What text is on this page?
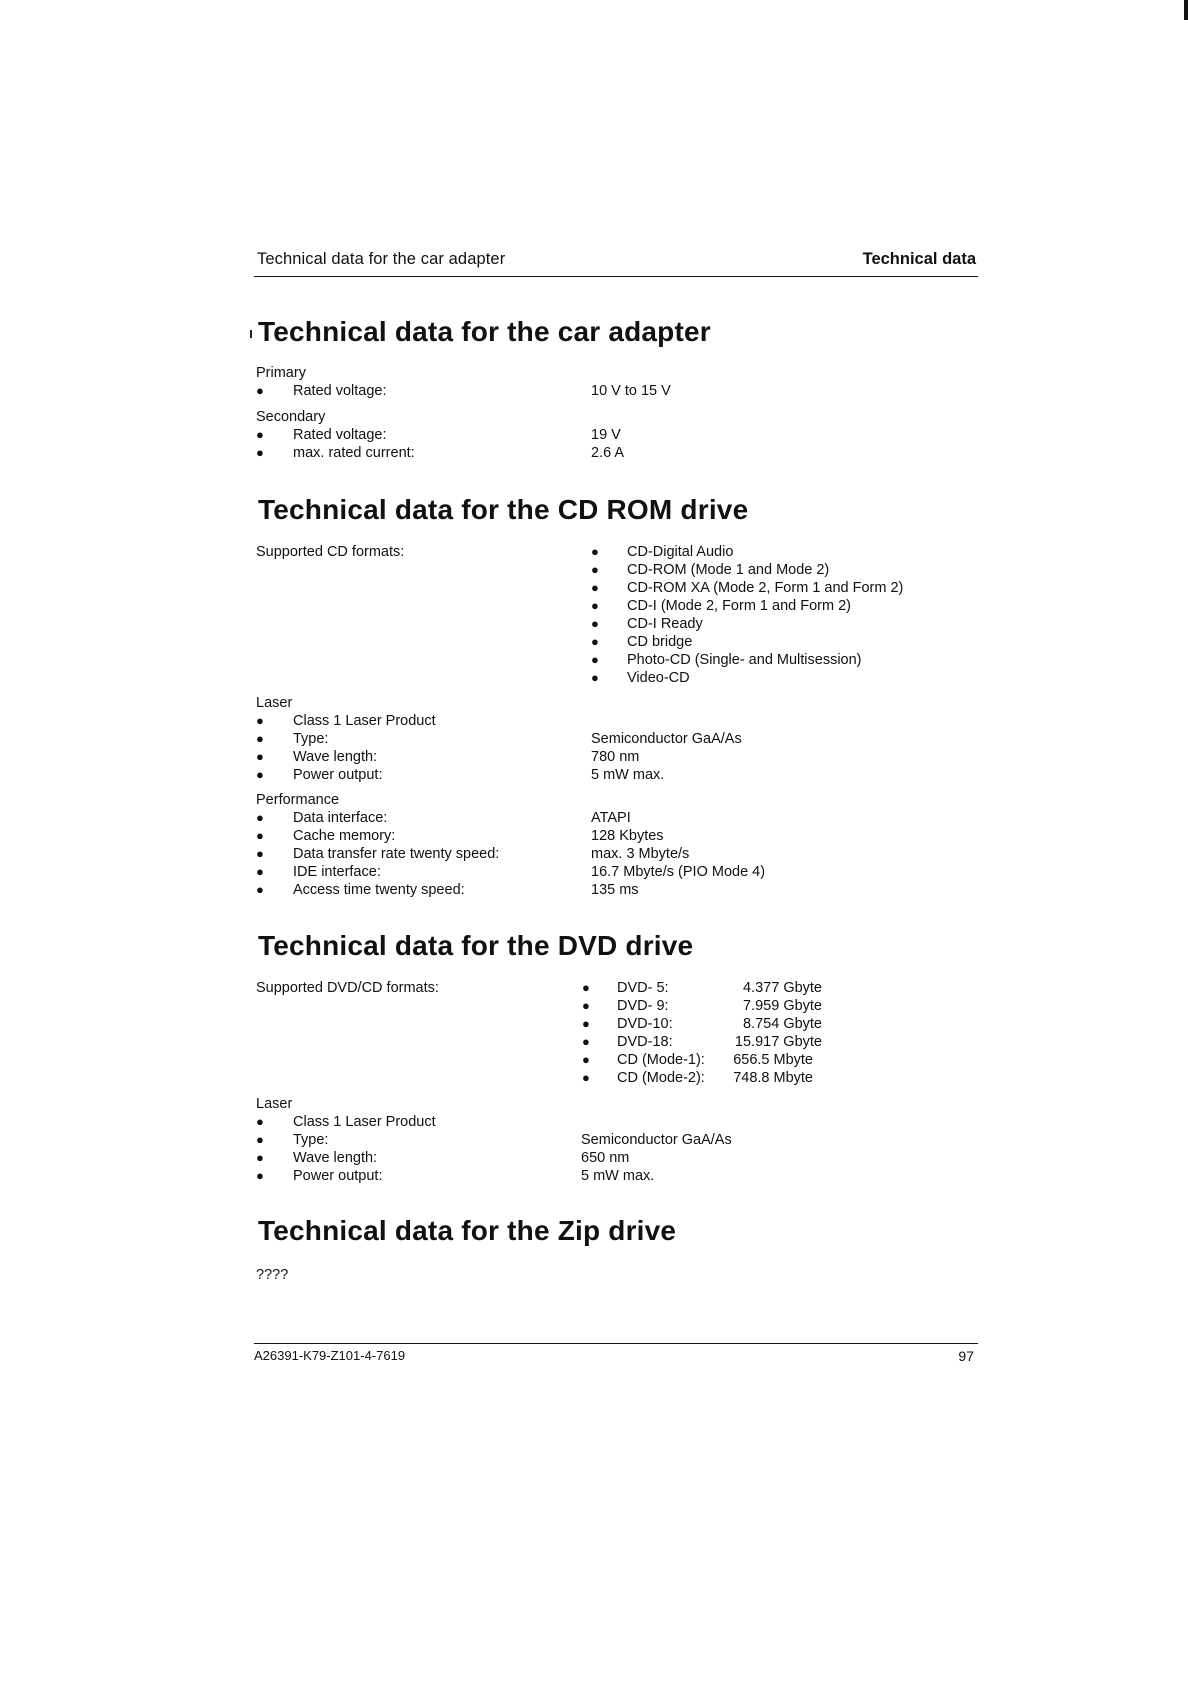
Technical data for the car adapter	Technical data
Technical data for the car adapter
Primary
● Rated voltage:	10 V to 15 V
Secondary
● Rated voltage:	19 V
● max. rated current:	2.6 A
Technical data for the CD ROM drive
Supported CD formats:	● CD-Digital Audio
● CD-ROM (Mode 1 and Mode 2)
● CD-ROM XA (Mode 2, Form 1 and Form 2)
● CD-I (Mode 2, Form 1 and Form 2)
● CD-I Ready
● CD bridge
● Photo-CD (Single- and Multisession)
● Video-CD
Laser
● Class 1 Laser Product
● Type:	Semiconductor GaA/As
● Wave length:	780 nm
● Power output:	5 mW max.
Performance
● Data interface:	ATAPI
● Cache memory:	128 Kbytes
● Data transfer rate twenty speed:	max. 3 Mbyte/s
● IDE interface:	16.7 Mbyte/s (PIO Mode 4)
● Access time twenty speed:	135 ms
Technical data for the DVD drive
Supported DVD/CD formats:	● DVD- 5:	4.377 Gbyte
● DVD- 9:	7.959 Gbyte
● DVD-10:	8.754 Gbyte
● DVD-18:	15.917 Gbyte
● CD (Mode-1):	656.5 Mbyte
● CD (Mode-2):	748.8 Mbyte
Laser
● Class 1 Laser Product
● Type:	Semiconductor GaA/As
● Wave length:	650 nm
● Power output:	5 mW max.
Technical data for the Zip drive
????
A26391-K79-Z101-4-7619	97
